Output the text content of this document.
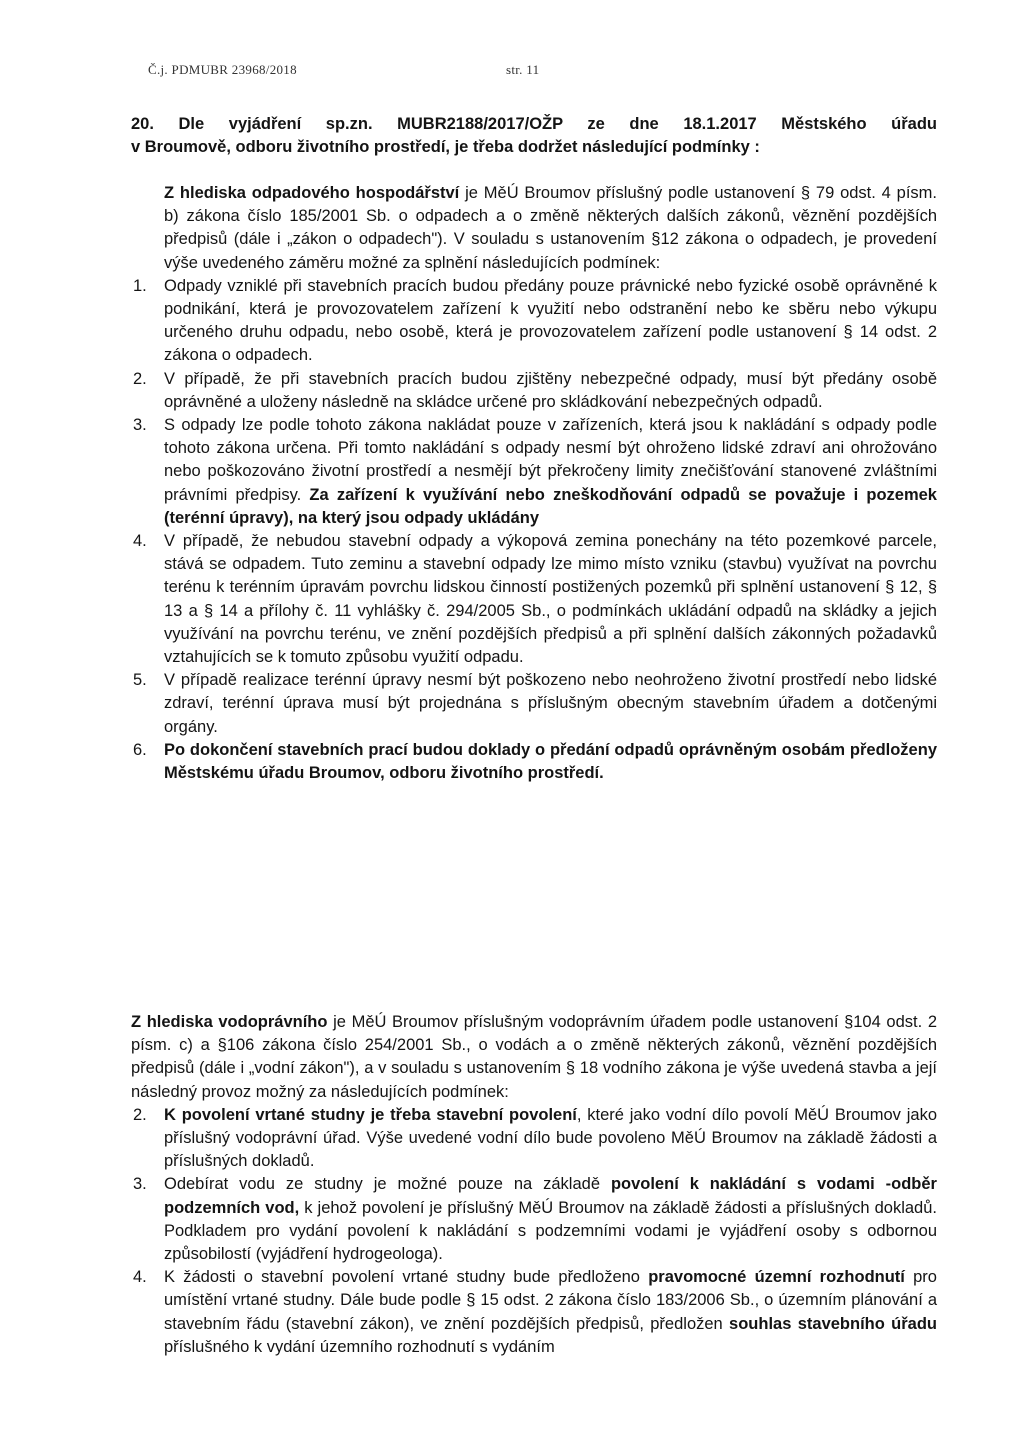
Č.j. PDMUBR 23968/2018	str. 11

20. Dle vyjádření sp.zn. MUBR2188/2017/OŽP ze dne 18.1.2017 Městského úřadu

v Broumově, odboru životního prostředí, je třeba dodržet následující podmínky :

Z hlediska odpadového hospodářství je MěÚ Broumov příslušný podle ustanovení § 79 odst. 4 písm. b) zákona číslo 185/2001 Sb. o odpadech a o změně některých dalších zákonů, věznění pozdějších předpisů (dále i „zákon o odpadech"). V souladu s ustanovením §12 zákona o odpadech, je provedení výše uvedeného záměru možné za splnění následujících podmínek:

1. Odpady vzniklé při stavebních pracích budou předány pouze právnické nebo fyzické osobě oprávněné k podnikání, která je provozovatelem zařízení k využití nebo odstranění nebo ke sběru nebo výkupu určeného druhu odpadu, nebo osobě, která je provozovatelem zařízení podle ustanovení § 14 odst. 2 zákona o odpadech.
2. V případě, že při stavebních pracích budou zjištěny nebezpečné odpady, musí být předány osobě oprávněné a uloženy následně na skládce určené pro skládkování nebezpečných odpadů.
3. S odpady lze podle tohoto zákona nakládat pouze v zařízeních, která jsou k nakládání s odpady podle tohoto zákona určena. Při tomto nakládání s odpady nesmí být ohroženo lidské zdraví ani ohrožováno nebo poškozováno životní prostředí a nesmějí být překročeny limity znečišťování stanovené zvláštními právními předpisy. Za zařízení k využívání nebo zneškodňování odpadů se považuje i pozemek (terénní úpravy), na který jsou odpady ukládány
4. V případě, že nebudou stavební odpady a výkopová zemina ponechány na této pozemkové parcele, stává se odpadem. Tuto zeminu a stavební odpady lze mimo místo vzniku (stavbu) využívat na povrchu terénu k terénním úpravám povrchu lidskou činností postižených pozemků při splnění ustanovení § 12, § 13 a § 14 a přílohy č. 11 vyhlášky č. 294/2005 Sb., o podmínkách ukládání odpadů na skládky a jejich využívání na povrchu terénu, ve znění pozdějších předpisů a při splnění dalších zákonných požadavků vztahujících se k tomuto způsobu využití odpadu.
5. V případě realizace terénní úpravy nesmí být poškozeno nebo neohroženo životní prostředí nebo lidské zdraví, terénní úprava musí být projednána s příslušným obecným stavebním úřadem a dotčenými orgány.
6. Po dokončení stavebních prací budou doklady o předání odpadů oprávněným osobám předloženy Městskému úřadu Broumov, odboru životního prostředí.

Z hlediska vodoprávního je MěÚ Broumov příslušným vodoprávním úřadem podle ustanovení §104 odst. 2 písm. c) a §106 zákona číslo 254/2001 Sb., o vodách a o změně některých zákonů, věznění pozdějších předpisů (dále i „vodní zákon"), a v souladu s ustanovením § 18 vodního zákona je výše uvedená stavba a její následný provoz možný za následujících podmínek:

2. K povolení vrtané studny je třeba stavební povolení, které jako vodní dílo povolí MěÚ Broumov jako příslušný vodoprávní úřad. Výše uvedené vodní dílo bude povoleno MěÚ Broumov na základě žádosti a příslušných dokladů.
3. Odebírat vodu ze studny je možné pouze na základě povolení k nakládání s vodami -odběr podzemních vod, k jehož povolení je příslušný MěÚ Broumov na základě žádosti a příslušných dokladů. Podkladem pro vydání povolení k nakládání s podzemními vodami je vyjádření osoby s odbornou způsobilostí (vyjádření hydrogeologa).
4. K žádosti o stavební povolení vrtané studny bude předloženo pravomocné územní rozhodnutí pro umístění vrtané studny. Dále bude podle § 15 odst. 2 zákona číslo 183/2006 Sb., o územním plánování a stavebním řádu (stavební zákon), ve znění pozdějších předpisů, předložen souhlas stavebního úřadu příslušného k vydání územního rozhodnutí s vydáním
